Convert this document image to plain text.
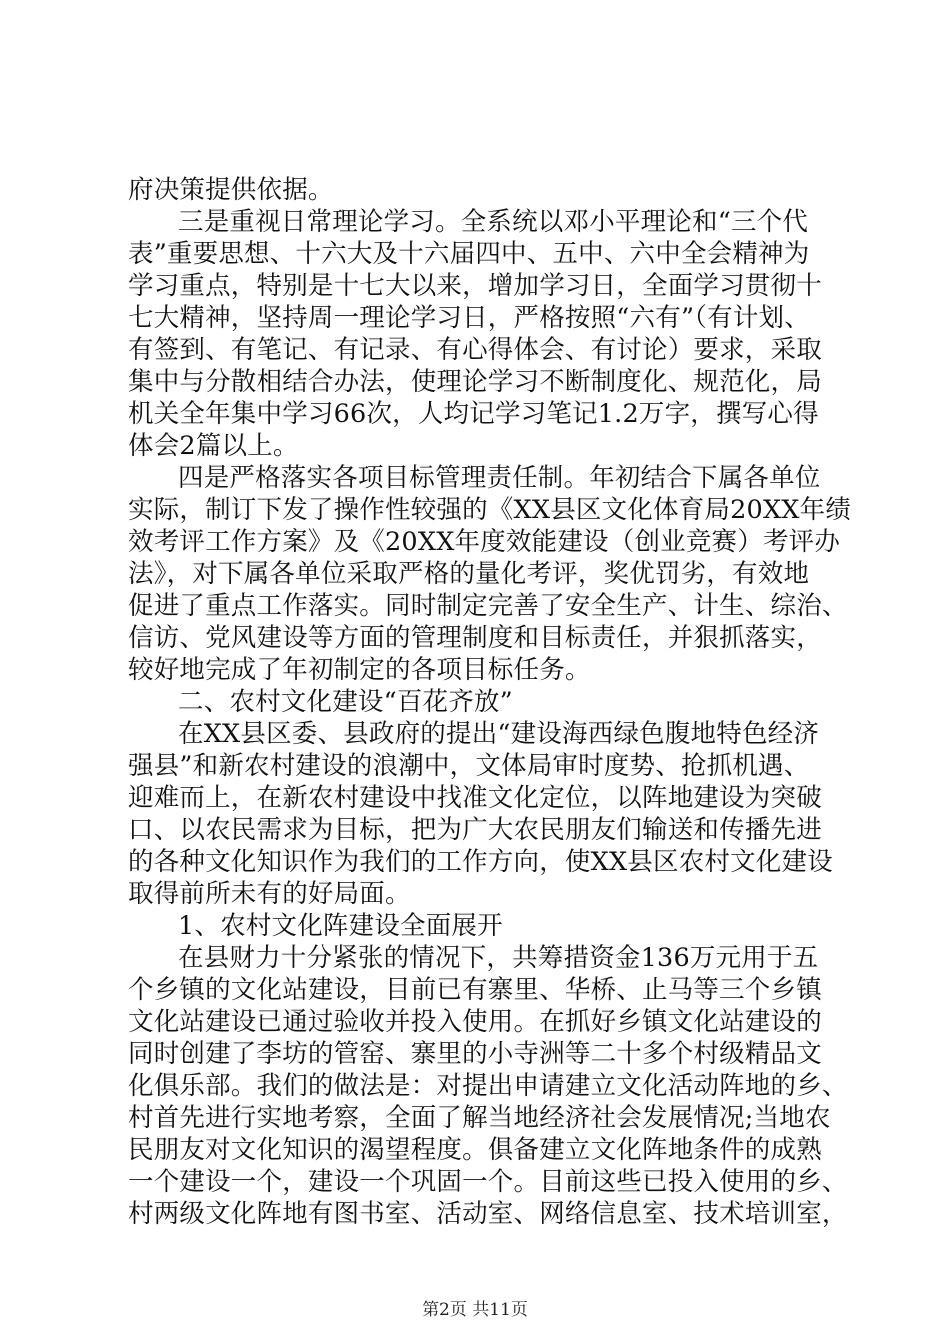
府决策提供依据。
三是重视日常理论学习。全系统以邓小平理论和“三个代
表”重要思想、十六大及十六届四中、五中、六中全会精神为
学习重点，特别是十七大以来，增加学习日，全面学习贯彻十
七大精神，坚持周一理论学习日，严格按照“六有”（有计划、
有签到、有笔记、有记录、有心得体会、有讨论）要求，采取
集中与分散相结合办法，使理论学习不断制度化、规范化，局
机关全年集中学习66次，人均记学习笔记1.2万字，撰写心得
体会2篇以上。
四是严格落实各项目标管理责任制。年初结合下属各单位
实际，制订下发了操作性较强的《XX县区文化体育局20XX年绩
效考评工作方案》及《20XX年度效能建设（创业竞赛）考评办
法》，对下属各单位采取严格的量化考评，奖优罚劣，有效地
促进了重点工作落实。同时制定完善了安全生产、计生、综治、
信访、党风建设等方面的管理制度和目标责任，并狠抓落实，
较好地完成了年初制定的各项目标任务。
二、农村文化建设“百花齐放”
在XX县区委、县政府的提出“建设海西绿色腹地特色经济
强县”和新农村建设的浪潮中，文体局审时度势、抢抓机遇、
迎难而上，在新农村建设中找准文化定位，以阵地建设为突破
口、以农民需求为目标，把为广大农民朋友们输送和传播先进
的各种文化知识作为我们的工作方向，使XX县区农村文化建设
取得前所未有的好局面。
1、农村文化阵建设全面展开
在县财力十分紧张的情况下，共筹措资金136万元用于五
个乡镇的文化站建设，目前已有寨里、华桥、止马等三个乡镇
文化站建设已通过验收并投入使用。在抓好乡镇文化站建设的
同时创建了李坊的管窑、寨里的小寺洲等二十多个村级精品文
化俱乐部。我们的做法是：对提出申请建立文化活动阵地的乡、
村首先进行实地考察，全面了解当地经济社会发展情况;当地农
民朋友对文化知识的渴望程度。俱备建立文化阵地条件的成熟
一个建设一个，建设一个巩固一个。目前这些已投入使用的乡、
村两级文化阵地有图书室、活动室、网络信息室、技术培训室，
第2页 共11页
